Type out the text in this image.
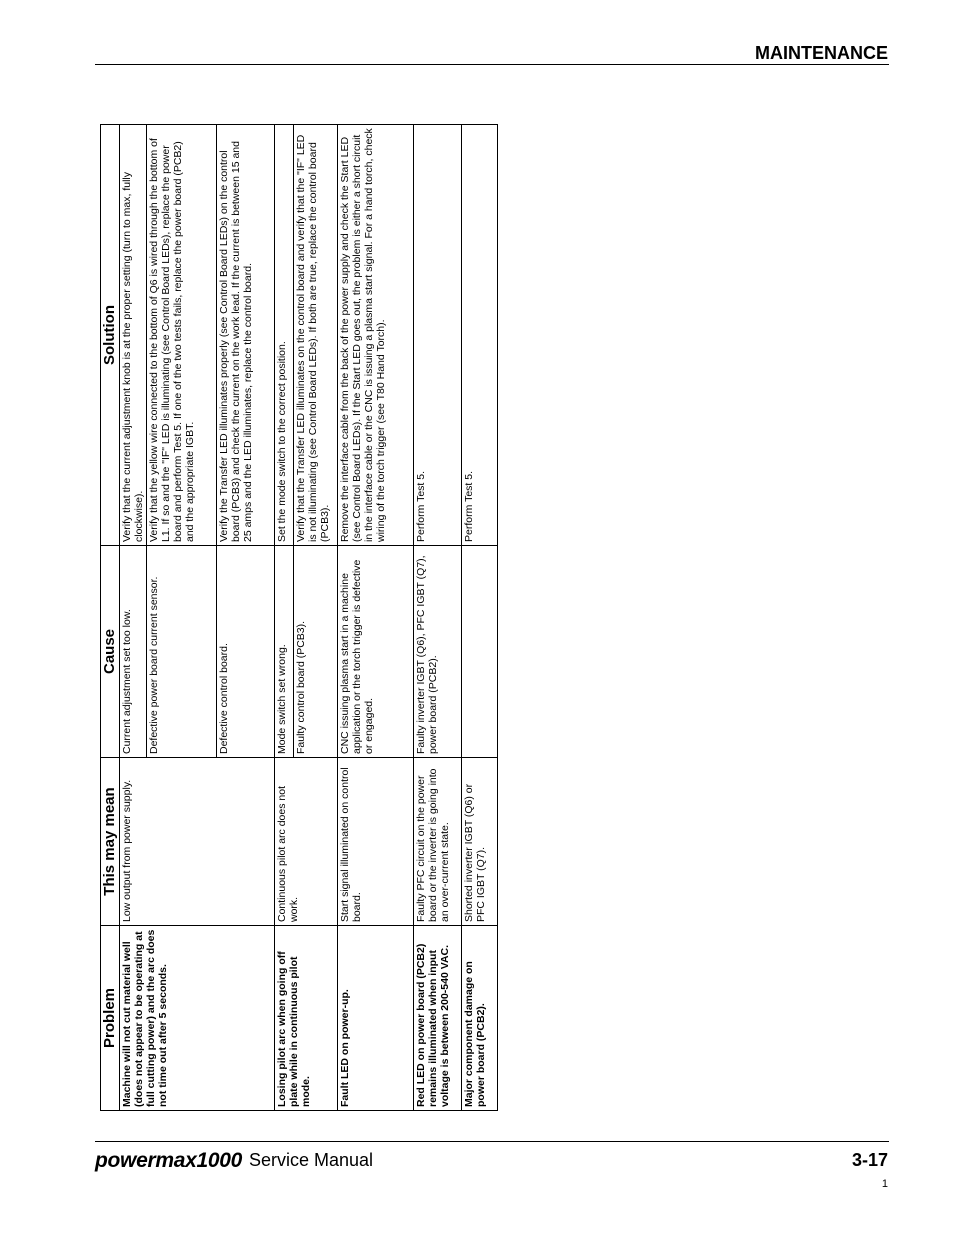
MAINTENANCE
Problem	This may mean	Cause	Solution
Machine will not cut material well (does not appear to be operating at full cutting power) and the arc does not time out after 5 seconds.	Low output from power supply.	Current adjustment set too low.	Verify that the current adjustment knob is at the proper setting (turn to max, fully clockwise).
		Defective power board current sensor.	Verify that the yellow wire connected to the bottom of Q6 is wired through the bottom of L1. If so and the "IF" LED is illuminating (see Control Board LEDs), replace the power board and perform Test 5. If one of the two tests fails, replace the power board (PCB2) and the appropriate IGBT.
		Defective control board.	Verify the Transfer LED illuminates properly (see Control Board LEDs) on the control board (PCB3) and check the current on the work lead. If the current is between 15 and 25 amps and the LED illuminates, replace the control board.
Losing pilot arc when going off plate while in continuous pilot mode.	Continuous pilot arc does not work.	Mode switch set wrong.	Set the mode switch to the correct position.
		Faulty control board (PCB3).	Verify that the Transfer LED illuminates on the control board and verify that the "IF" LED is not illuminating (see Control Board LEDs). If both are true, replace the control board (PCB3).
Fault LED on power-up.	Start signal illuminated on control board.	CNC issuing plasma start in a machine application or the torch trigger is defective or engaged.	Remove the interface cable from the back of the power supply and check the Start LED (see Control Board LEDs). If the Start LED goes out, the problem is either a short circuit in the interface cable or the CNC is issuing a plasma start signal. For a hand torch, check wiring of the torch trigger (see T80 Hand Torch).
Red LED on power board (PCB2) remains illuminated when input voltage is between 200-540 VAC.	Faulty PFC circuit on the power board or the inverter is going into an over-current state.	Faulty inverter IGBT (Q6), PFC IGBT (Q7), power board (PCB2).	Perform Test 5.
Major component damage on power board (PCB2).	Shorted inverter IGBT (Q6) or PFC IGBT (Q7).		Perform Test 5.
powermax1000 Service Manual	3-17
1
